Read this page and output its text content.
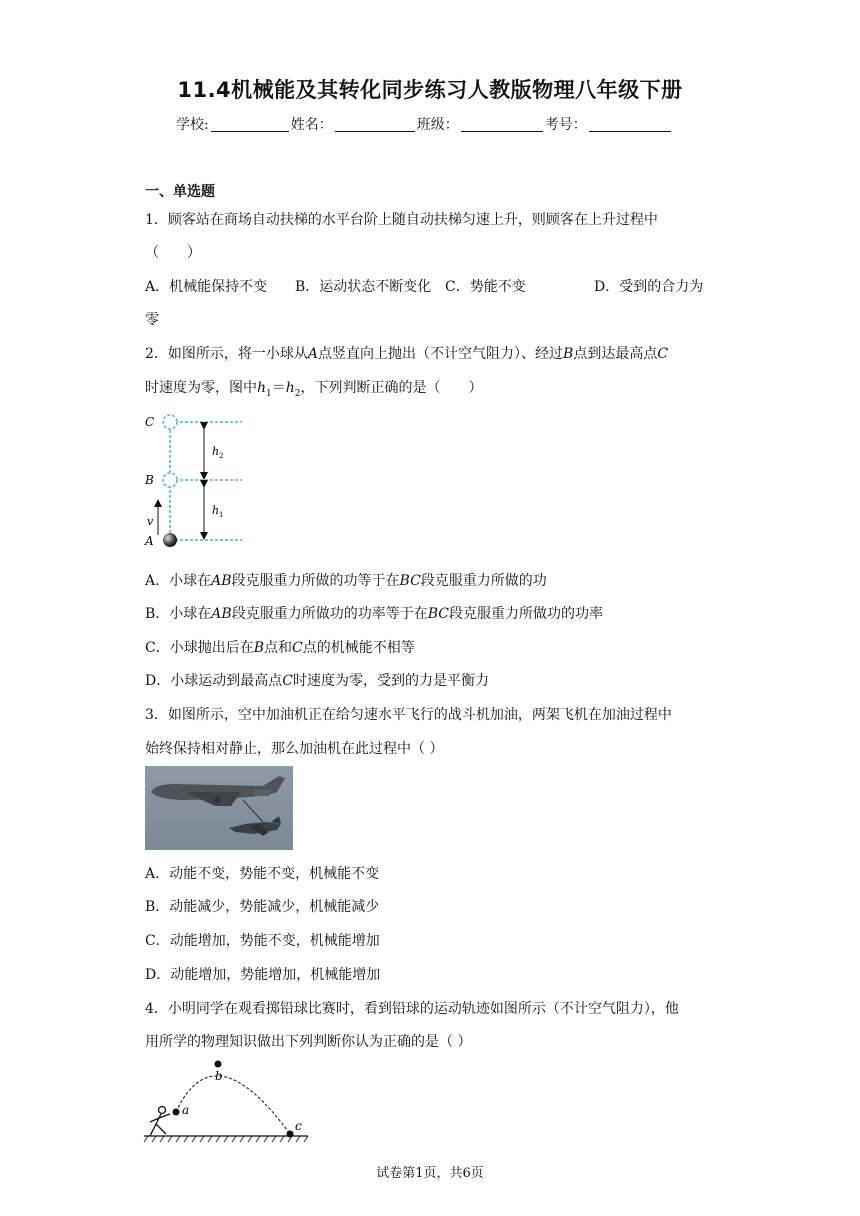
11.4机械能及其转化同步练习人教版物理八年级下册
学校:	姓名：	班级：	考号：
一、单选题
1．顾客站在商场自动扶梯的水平台阶上随自动扶梯匀速上升，则顾客在上升过程中
（　　）
A．机械能保持不变 B．运动状态不断变化 C．势能不变	D．受到的合力为
零
2．如图所示，将一小球从A点竖直向上抛出（不计空气阻力）、经过B点到达最高点C
时速度为零，图中$h_1=h_2$，下列判断正确的是（　　）
C
B
A
v
h 2
h 1
A．小球在AB段克服重力所做的功等于在BC段克服重力所做的功
B．小球在AB段克服重力所做功的功率等于在BC段克服重力所做功的功率
C．小球抛出后在B点和C点的机械能不相等
D．小球运动到最高点C时速度为零，受到的力是平衡力
3．如图所示，空中加油机正在给匀速水平飞行的战斗机加油，两架飞机在加油过程中
始终保持相对静止，那么加油机在此过程中（ ）
A．动能不变，势能不变，机械能不变
B．动能减少，势能减少，机械能减少
C．动能增加，势能不变，机械能增加
D．动能增加，势能增加，机械能增加
4．小明同学在观看掷铅球比赛时，看到铅球的运动轨迹如图所示（不计空气阻力），他
用所学的物理知识做出下列判断你认为正确的是（ ）
a
b
c
试卷第1页，共6页
